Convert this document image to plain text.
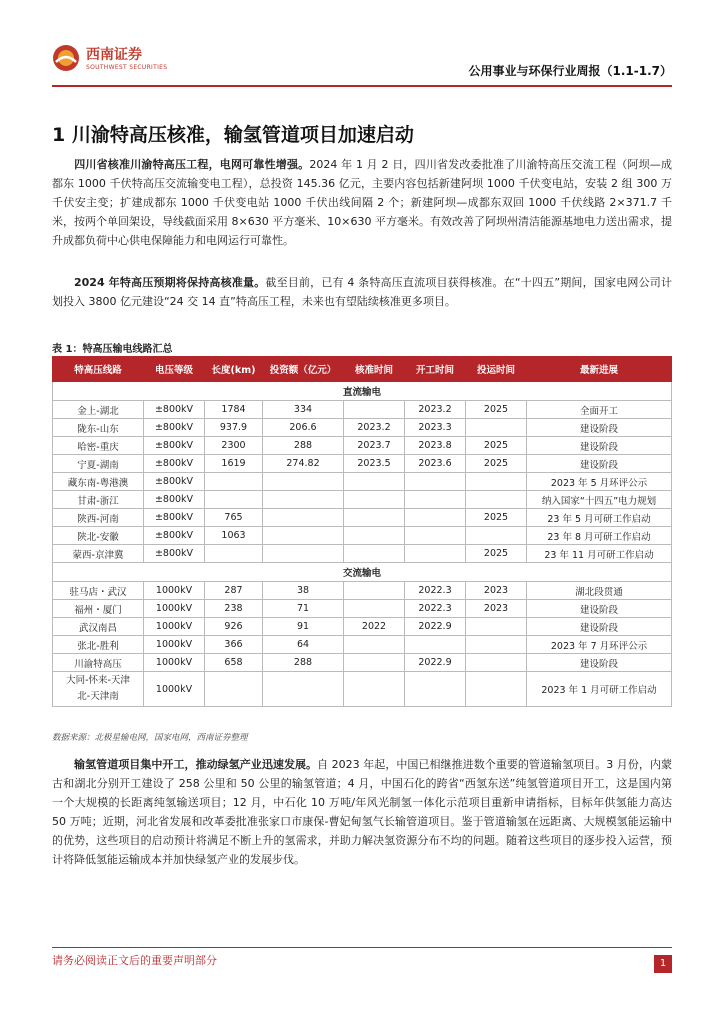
西南证券
SOUTHWEST SECURITIES	公用事业与环保行业周报（1.1-1.7）
1 川渝特高压核准，输氢管道项目加速启动
四川省核准川渝特高压工程，电网可靠性增强。2024 年 1 月 2 日，四川省发改委批准了川渝特高压交流工程（阿坝—成都东 1000 千伏特高压交流输变电工程），总投资 145.36 亿元，主要内容包括新建阿坝 1000 千伏变电站，安装 2 组 300 万千伏安主变；扩建成都东 1000 千伏变电站 1000 千伏出线间隔 2 个；新建阿坝—成都东双回 1000 千伏线路 2×371.7 千米，按两个单回架设，导线截面采用 8×630 平方毫米、10×630 平方毫米。有效改善了阿坝州清洁能源基地电力送出需求，提升成都负荷中心供电保障能力和电网运行可靠性。
2024 年特高压预期将保持高核准量。截至目前，已有 4 条特高压直流项目获得核准。在“十四五”期间，国家电网公司计划投入 3800 亿元建设“24 交 14 直”特高压工程，未来也有望陆续核准更多项目。
表 1：特高压输电线路汇总
特高压线路	电压等级	长度(km)	投资额（亿元）	核准时间	开工时间	投运时间	最新进展
直流输电							
金上-湖北	±800kV	1784	334		2023.2	2025	全面开工
陇东-山东	±800kV	937.9	206.6	2023.2	2023.3		建设阶段
哈密-重庆	±800kV	2300	288	2023.7	2023.8	2025	建设阶段
宁夏-湖南	±800kV	1619	274.82	2023.5	2023.6	2025	建设阶段
藏东南-粤港澳	±800kV						2023 年 5 月环评公示
甘肃-浙江	±800kV						纳入国家“十四五”电力规划
陕西-河南	±800kV	765				2025	23 年 5 月可研工作启动
陕北-安徽	±800kV	1063					23 年 8 月可研工作启动
蒙西-京津冀	±800kV					2025	23 年 11 月可研工作启动
交流输电							
驻马店・武汉	1000kV	287	38		2022.3	2023	湖北段贯通
福州・厦门	1000kV	238	71		2022.3	2023	建设阶段
武汉南昌	1000kV	926	91	2022	2022.9		建设阶段
张北-胜利	1000kV	366	64				2023 年 7 月环评公示
川渝特高压	1000kV	658	288		2022.9		建设阶段

大同-怀来-天津
北-天津南	1000kV						2023 年 1 月可研工作启动
数据来源：北极星输电网，国家电网，西南证券整理
输氢管道项目集中开工，推动绿氢产业迅速发展。自 2023 年起，中国已相继推进数个重要的管道输氢项目。3 月份，内蒙古和湖北分别开工建设了 258 公里和 50 公里的输氢管道；4 月，中国石化的跨省“西氢东送”纯氢管道项目开工，这是国内第一个大规模的长距离纯氢输送项目；12 月，中石化 10 万吨/年风光制氢一体化示范项目重新申请指标，目标年供氢能力高达 50 万吨；近期，河北省发展和改革委批准张家口市康保-曹妃甸氢气长输管道项目。鉴于管道输氢在远距离、大规模氢能运输中的优势，这些项目的启动预计将满足不断上升的氢需求，并助力解决氢资源分布不均的问题。随着这些项目的逐步投入运营，预计将降低氢能运输成本并加快绿氢产业的发展步伐。
请务必阅读正文后的重要声明部分	1
